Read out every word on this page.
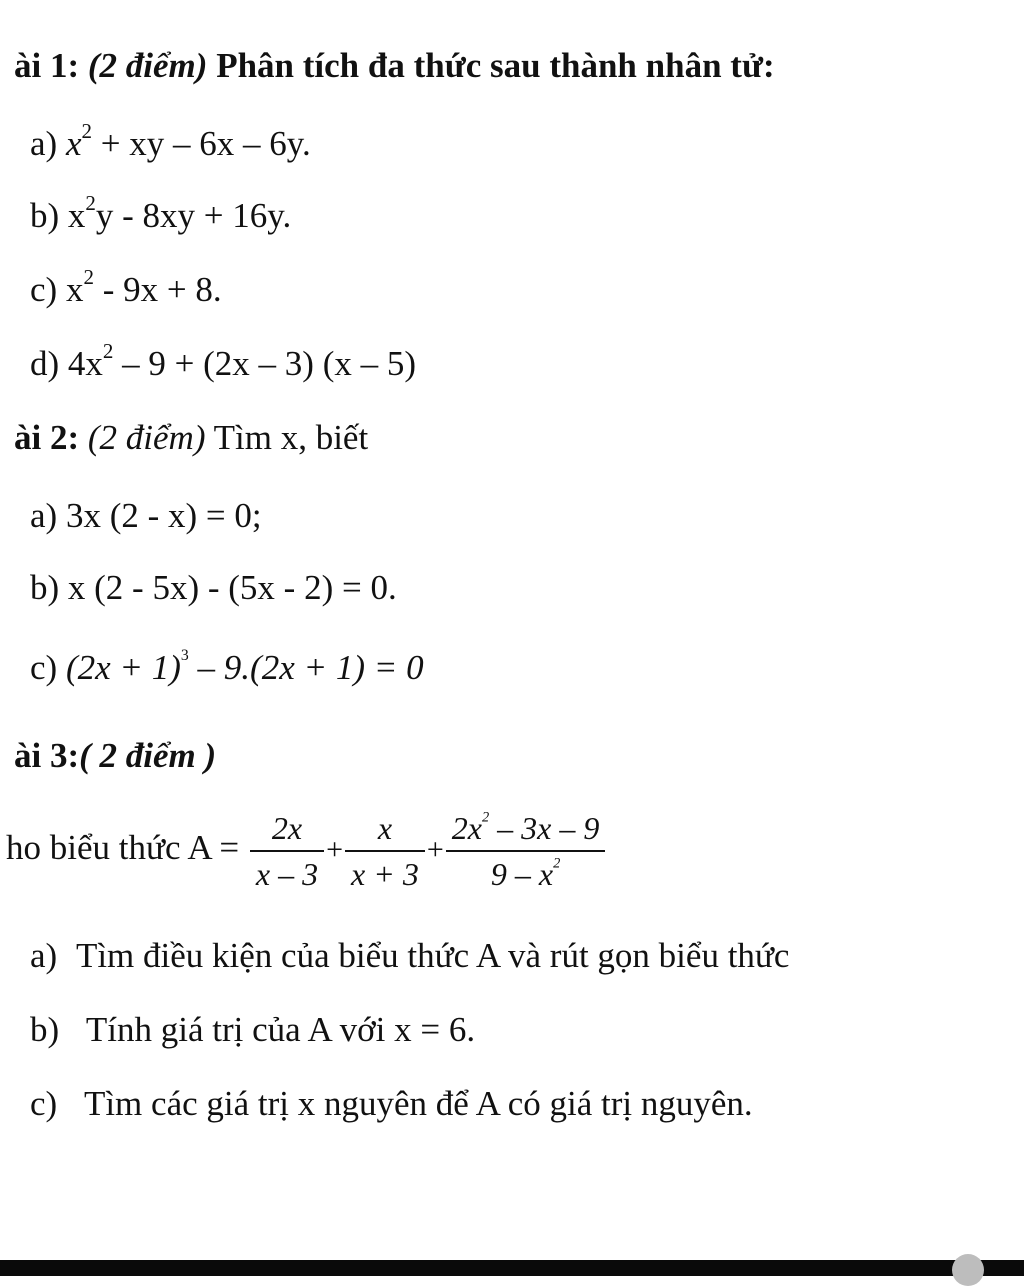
ài 1: (2 điểm) Phân tích đa thức sau thành nhân tử:
a) $x^2$ + xy – 6x – 6y.
b) $x^2y - 8xy + 16y$.
c) $x^2 - 9x + 8$.
d) $4x^2 - 9 + (2x - 3)$ (x – 5)
ài 2: (2 điểm) Tìm x, biết
a) 3x (2 - x) = 0;
b) x (2 - 5x) - (5x - 2) = 0.
c) $(2x + 1)^3 - 9.(2x + 1) = 0$
ài 3:( 2 điểm )
ho biểu thức $A = \frac{2x}{x - 3} + \frac{x}{x + 3} + \frac{2x^2 - 3x - 9}{9 - x^2}$
a) Tìm điều kiện của biểu thức A và rút gọn biểu thức
b) Tính giá trị của A với x = 6.
c) Tìm các giá trị x nguyên để A có giá trị nguyên.
